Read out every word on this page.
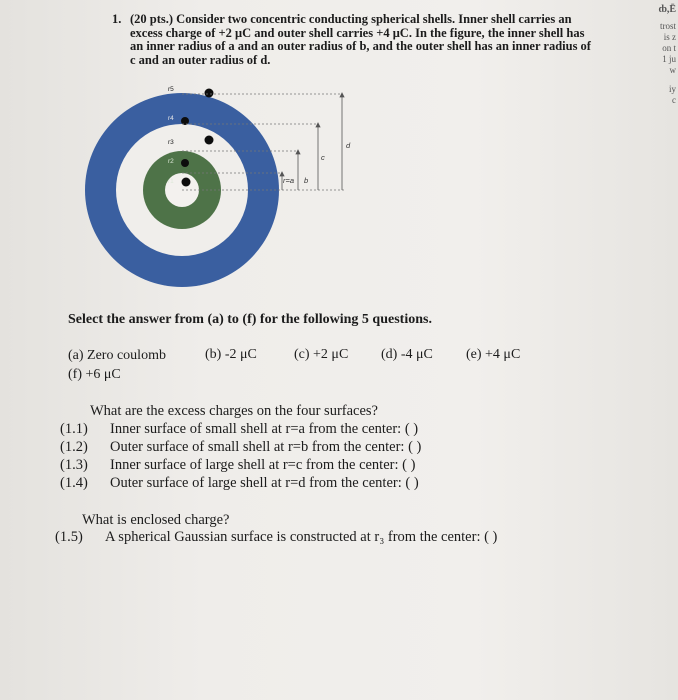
1. (20 pts.) Consider two concentric conducting spherical shells. Inner shell carries an excess charge of +2 μC and outer shell carries +4 μC. In the figure, the inner shell has an inner radius of a and an outer radius of b, and the outer shell has an inner radius of c and an outer radius of d.
r5
r4
r3
r2
r1	r=a b
c
d
Select the answer from (a) to (f) for the following 5 questions.
(a) Zero coulomb	(b) -2 μC	(c) +2 μC (d) -4 μC (e) +4 μC
(f) +6 μC
What are the excess charges on the four surfaces?
(1.1) Inner surface of small shell at r=a from the center: ( )
(1.2) Outer surface of small shell at r=b from the center: ( )
(1.3) Inner surface of large shell at r=c from the center: ( )
(1.4) Outer surface of large shell at r=d from the center: ( )
What is enclosed charge?
(1.5) A spherical Gaussian surface is constructed at r₃ from the center: ( )
ȸ,Ē
trost
is z
on t
1 ju
w
iy
c
